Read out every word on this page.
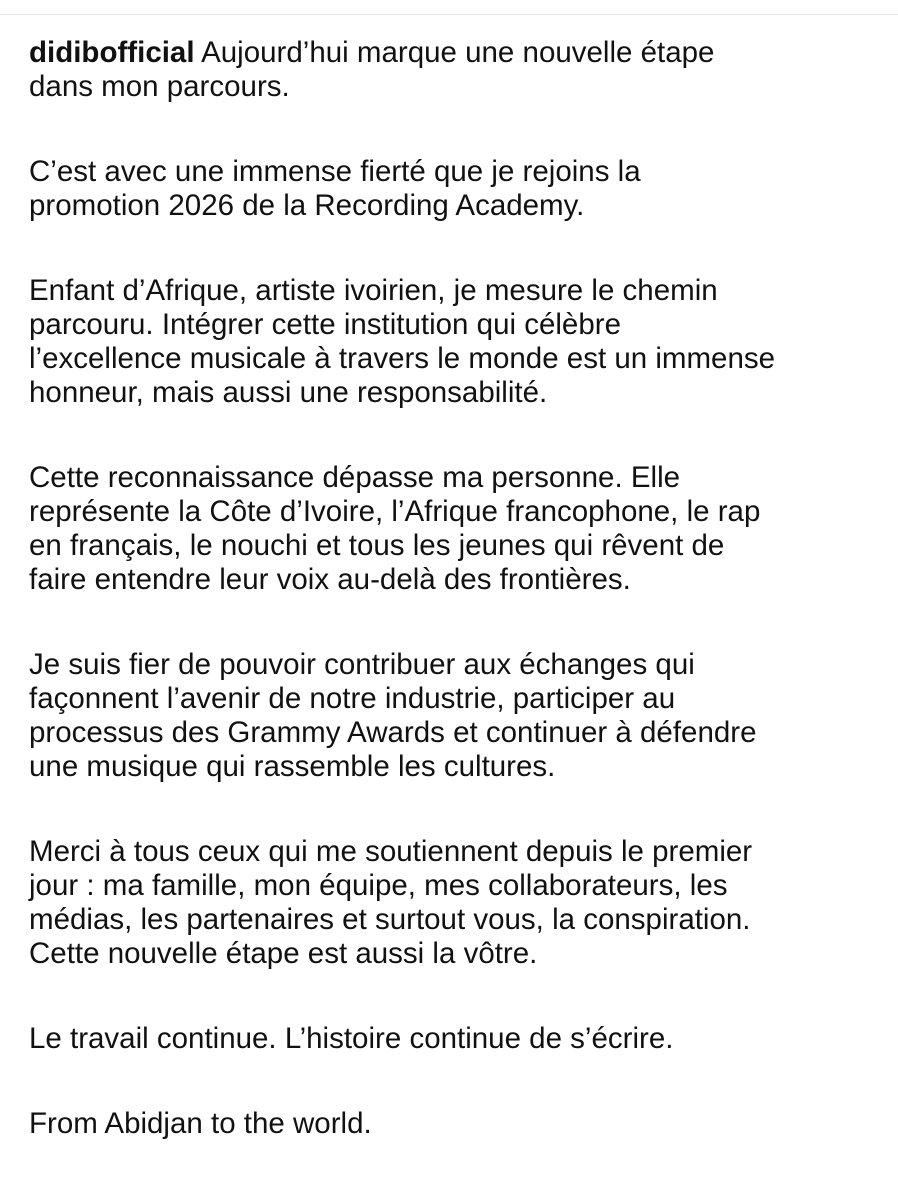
didibofficial Aujourd’hui marque une nouvelle étape
dans mon parcours.

C’est avec une immense fierté que je rejoins la
promotion 2026 de la Recording Academy.

Enfant d’Afrique, artiste ivoirien, je mesure le chemin
parcouru. Intégrer cette institution qui célèbre
l’excellence musicale à travers le monde est un immense
honneur, mais aussi une responsabilité.

Cette reconnaissance dépasse ma personne. Elle
représente la Côte d’Ivoire, l’Afrique francophone, le rap
en français, le nouchi et tous les jeunes qui rêvent de
faire entendre leur voix au-delà des frontières.

Je suis fier de pouvoir contribuer aux échanges qui
façonnent l’avenir de notre industrie, participer au
processus des Grammy Awards et continuer à défendre
une musique qui rassemble les cultures.

Merci à tous ceux qui me soutiennent depuis le premier
jour : ma famille, mon équipe, mes collaborateurs, les
médias, les partenaires et surtout vous, la conspiration.
Cette nouvelle étape est aussi la vôtre.

Le travail continue. L’histoire continue de s’écrire.

From Abidjan to the world.
